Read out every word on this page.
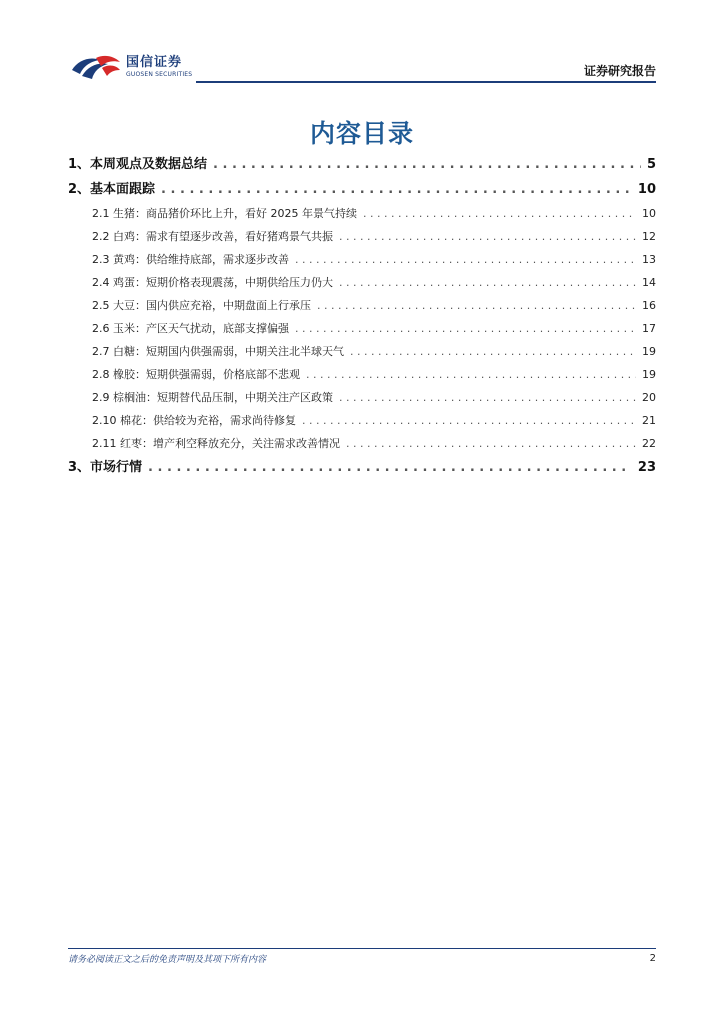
国信证券
GUOSEN SECURITIES	证券研究报告
内容目录
1、本周观点及数据总结 . . .	5
2、基本面跟踪 . . .	10
2.1 生猪：商品猪价环比上升，看好 2025 年景气持续 . . .	10
2.2 白鸡：需求有望逐步改善，看好猪鸡景气共振 . . .	12
2.3 黄鸡：供给维持底部，需求逐步改善 . . .	13
2.4 鸡蛋：短期价格表现震荡，中期供给压力仍大 . . .	14
2.5 大豆：国内供应充裕，中期盘面上行承压 . . .	16
2.6 玉米：产区天气扰动，底部支撑偏强 . . .	17
2.7 白糖：短期国内供强需弱，中期关注北半球天气 . . .	19
2.8 橡胶：短期供强需弱，价格底部不悲观 . . .	19
2.9 棕榈油：短期替代品压制，中期关注产区政策 . . .	20
2.10 棉花：供给较为充裕，需求尚待修复 . . .	21
2.11 红枣：增产利空释放充分，关注需求改善情况 . . .	22
3、市场行情 . . .	23
请务必阅读正文之后的免责声明及其项下所有内容	2
